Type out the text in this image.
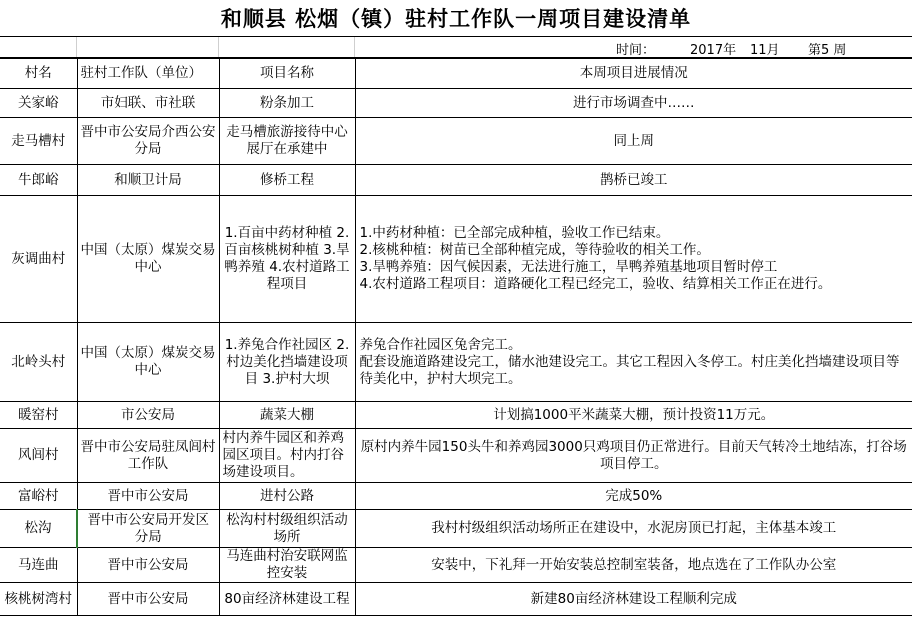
和顺县 松烟（镇）驻村工作队一周项目建设清单
时间：	2017年 11月 第5 周
村名	驻村工作队（单位）	项目名称	本周项目进展情况
关家峪	市妇联、市社联	粉条加工	进行市场调查中……
走马槽村	晋中市公安局介西公安分局	走马槽旅游接待中心展厅在承建中	同上周
牛郎峪	和顺卫计局	修桥工程	鹊桥已竣工
灰调曲村	中国（太原）煤炭交易中心	1.百亩中药材种植 2.百亩核桃树种植 3.旱鸭养殖 4.农村道路工程项目	1.中药材种植：已全部完成种植，验收工作已结束。
2.核桃种植：树苗已全部种植完成，等待验收的相关工作。
3.旱鸭养殖：因气候因素，无法进行施工，旱鸭养殖基地项目暂时停工
4.农村道路工程项目：道路硬化工程已经完工，验收、结算相关工作正在进行。
北岭头村	中国（太原）煤炭交易中心	1.养兔合作社园区 2.村边美化挡墙建设项目 3.护村大坝	养兔合作社园区兔舍完工。
配套设施道路建设完工，储水池建设完工。其它工程因入冬停工。村庄美化挡墙建设项目等待美化中，护村大坝完工。
暖窑村	市公安局	蔬菜大棚	计划搞1000平米蔬菜大棚，预计投资11万元。
风闾村	晋中市公安局驻凤闾村工作队	村内养牛园区和养鸡园区项目。村内打谷场建设项目。	原村内养牛园150头牛和养鸡园3000只鸡项目仍正常进行。目前天气转冷土地结冻，打谷场项目停工。
富峪村	晋中市公安局	进村公路	完成50%
松沟	晋中市公安局开发区分局	松沟村村级组织活动场所	我村村级组织活动场所正在建设中，水泥房顶已打起，主体基本竣工
马连曲	晋中市公安局	马连曲村治安联网监控安装	安装中，下礼拜一开始安装总控制室装备，地点选在了工作队办公室
核桃树湾村	晋中市公安局	80亩经济林建设工程	新建80亩经济林建设工程顺利完成
